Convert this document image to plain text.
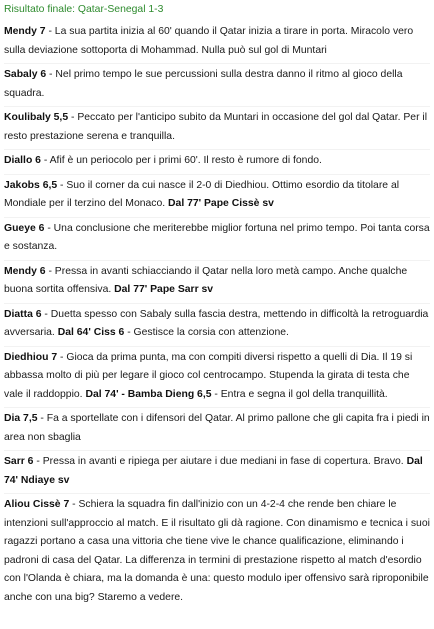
Risultato finale: Qatar-Senegal 1-3

Mendy 7 - La sua partita inizia al 60' quando il Qatar inizia a tirare in porta. Miracolo vero sulla deviazione sottoporta di Mohammad. Nulla può sul gol di Muntari

Sabaly 6 - Nel primo tempo le sue percussioni sulla destra danno il ritmo al gioco della squadra.

Koulibaly 5,5 - Peccato per l'anticipo subito da Muntari in occasione del gol dal Qatar. Per il resto prestazione serena e tranquilla.

Diallo 6 - Afif è un periocolo per i primi 60'. Il resto è rumore di fondo.

Jakobs 6,5 - Suo il corner da cui nasce il 2-0 di Diedhiou. Ottimo esordio da titolare al Mondiale per il terzino del Monaco. Dal 77' Pape Cissè sv

Gueye 6 - Una conclusione che meriterebbe miglior fortuna nel primo tempo. Poi tanta corsa e sostanza.

Mendy 6 - Pressa in avanti schiacciando il Qatar nella loro metà campo. Anche qualche buona sortita offensiva. Dal 77' Pape Sarr sv

Diatta 6 - Duetta spesso con Sabaly sulla fascia destra, mettendo in difficoltà la retroguardia avversaria. Dal 64' Ciss 6 - Gestisce la corsia con attenzione.

Diedhiou 7 - Gioca da prima punta, ma con compiti diversi rispetto a quelli di Dia. Il 19 si abbassa molto di più per legare il gioco col centrocampo. Stupenda la girata di testa che vale il raddoppio. Dal 74' - Bamba Dieng 6,5 - Entra e segna il gol della tranquillità.

Dia 7,5 - Fa a sportellate con i difensori del Qatar. Al primo pallone che gli capita fra i piedi in area non sbaglia

Sarr 6 - Pressa in avanti e ripiega per aiutare i due mediani in fase di copertura. Bravo. Dal 74' Ndiaye sv

Aliou Cissè 7 - Schiera la squadra fin dall'inizio con un 4-2-4 che rende ben chiare le intenzioni sull'approccio al match. E il risultato gli dà ragione. Con dinamismo e tecnica i suoi ragazzi portano a casa una vittoria che tiene vive le chance qualificazione, eliminando i padroni di casa del Qatar. La differenza in termini di prestazione rispetto al match d'esordio con l'Olanda è chiara, ma la domanda è una: questo modulo iper offensivo sarà riproponibile anche con una big? Staremo a vedere.
